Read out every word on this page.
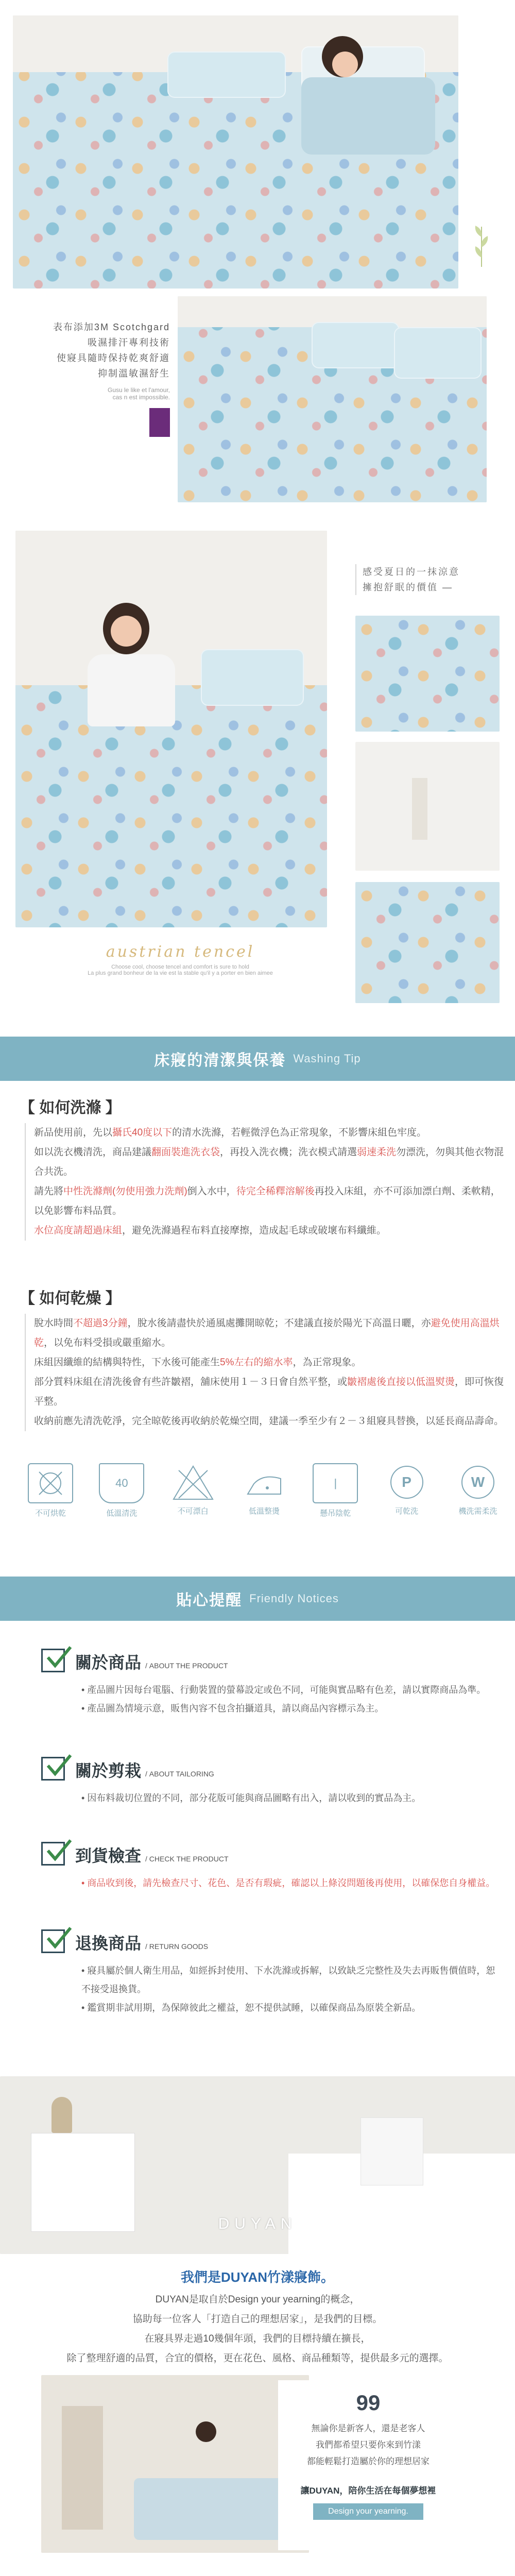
表布添加3M Scotchgard
吸濕排汗專利技術
使寢具隨時保持乾爽舒適
抑制溫敏濕舒生
Gusu le like et l'amour,
cas n est impossible.
感受夏日的一抹涼意
擁抱舒眠的價值 —
austrian tencel
Choose cool, choose tencel and comfort is sure to hold
La plus grand bonheur de la vie est la stable qu'il y a porter en bien aimee
床寢的清潔與保養 Washing Tip
【 如何洗滌 】
新品使用前，先以攝氏40度以下的清水洗滌，若輕微浮色為正常現象，不影響床組色牢度。
如以洗衣機清洗，商品建議翻面裝進洗衣袋，再投入洗衣機；洗衣模式請選弱速柔洗勿漂洗，勿與其他衣物混合共洗。
請先將中性洗滌劑(勿使用強力洗劑)倒入水中，待完全稀釋溶解後再投入床組，亦不可添加漂白劑、柔軟精，以免影響布料品質。
水位高度請超過床組，避免洗滌過程布料直接摩擦，造成起毛球或破壞布料纖維。
【 如何乾燥 】
脫水時間不超過3分鐘，脫水後請盡快於通風處攤開晾乾；不建議直接於陽光下高溫日曬，亦避免使用高溫烘乾，以免布料受損或嚴重縮水。
床組因纖維的結構與特性，下水後可能產生5%左右的縮水率，為正常現象。
部分質料床組在清洗後會有些許皺褶，舖床使用１－３日會自然平整，或皺褶處後直接以低溫熨燙，即可恢復平整。
收納前應先清洗乾淨，完全晾乾後再收納於乾燥空間，建議一季至少有２－３組寢具替換，以延長商品壽命。
不可烘乾
40
低溫清洗	不可漂白	低溫整燙
|
懸吊陰乾
P
可乾洗
W
機洗需柔洗
貼心提醒 Friendly Notices
關於商品 / ABOUT THE PRODUCT
• 產品圖片因每台電腦、行動裝置的螢幕設定或色不同，可能與實品略有色差，請以實際商品為準。
• 產品圖為情境示意，販售內容不包含拍攝道具，請以商品內容標示為主。
關於剪栽 / ABOUT TAILORING
• 因布料裁切位置的不同，部分花版可能與商品圖略有出入，請以收到的實品為主。
到貨檢查 / CHECK THE PRODUCT
• 商品收到後，請先檢查尺寸、花色、是否有瑕疵，確認以上條沒問題後再使用，以確保您自身權益。
退換商品 / RETURN GOODS
• 寢具屬於個人衛生用品，如經拆封使用、下水洗滌或拆解，以致缺乏完整性及失去再販售價值時，恕不接受退換貨。
• 鑑賞期非試用期，為保障彼此之權益，恕不提供試睡，以確保商品為原裝全新品。
DUYAN
我們是DUYAN竹漾寢飾。
DUYAN是取自於Design your yearning的概念，
協助每一位客人「打造自己的理想居家」，是我們的目標。
在寢具界走過10幾個年頭，我們的目標持續在擴長，
除了整理舒適的品質，合宜的價格，更在花色、風格、商品種類等，提供最多元的選擇。
99
無論你是新客人，還是老客人
我們都希望只要你來到竹漾
都能輕鬆打造屬於你的理想居家
讓DUYAN，陪你生活在每個夢想裡
Design your yearning.
